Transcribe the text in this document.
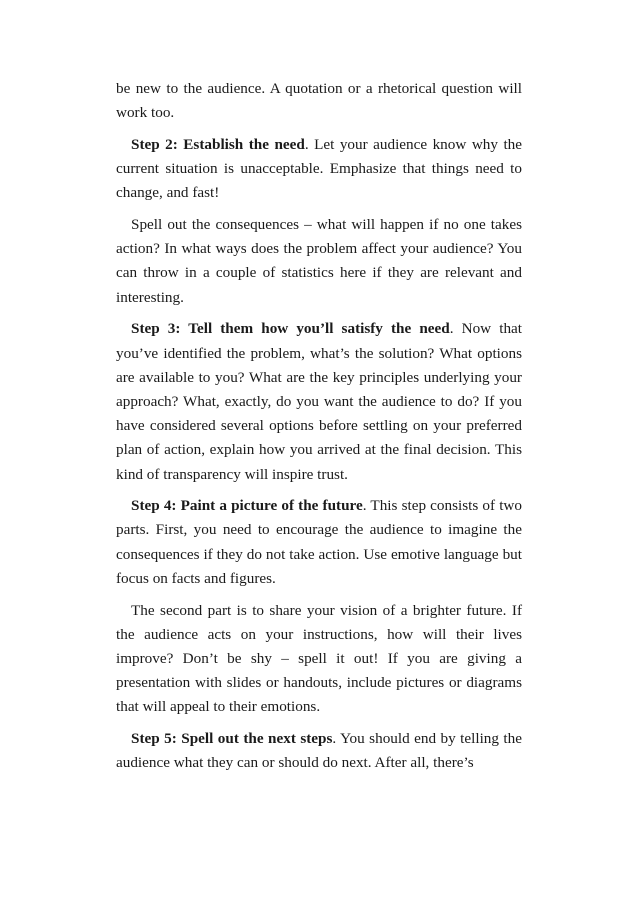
be new to the audience. A quotation or a rhetorical question will work too.

Step 2: Establish the need. Let your audience know why the current situation is unacceptable. Emphasize that things need to change, and fast!

Spell out the consequences – what will happen if no one takes action? In what ways does the problem affect your audience? You can throw in a couple of statistics here if they are relevant and interesting.

Step 3: Tell them how you’ll satisfy the need. Now that you’ve identified the problem, what’s the solution? What options are available to you? What are the key principles underlying your approach? What, exactly, do you want the audience to do? If you have considered several options before settling on your preferred plan of action, explain how you arrived at the final decision. This kind of transparency will inspire trust.

Step 4: Paint a picture of the future. This step consists of two parts. First, you need to encourage the audience to imagine the consequences if they do not take action. Use emotive language but focus on facts and figures.

The second part is to share your vision of a brighter future. If the audience acts on your instructions, how will their lives improve? Don’t be shy – spell it out! If you are giving a presentation with slides or handouts, include pictures or diagrams that will appeal to their emotions.

Step 5: Spell out the next steps. You should end by telling the audience what they can or should do next. After all, there’s
